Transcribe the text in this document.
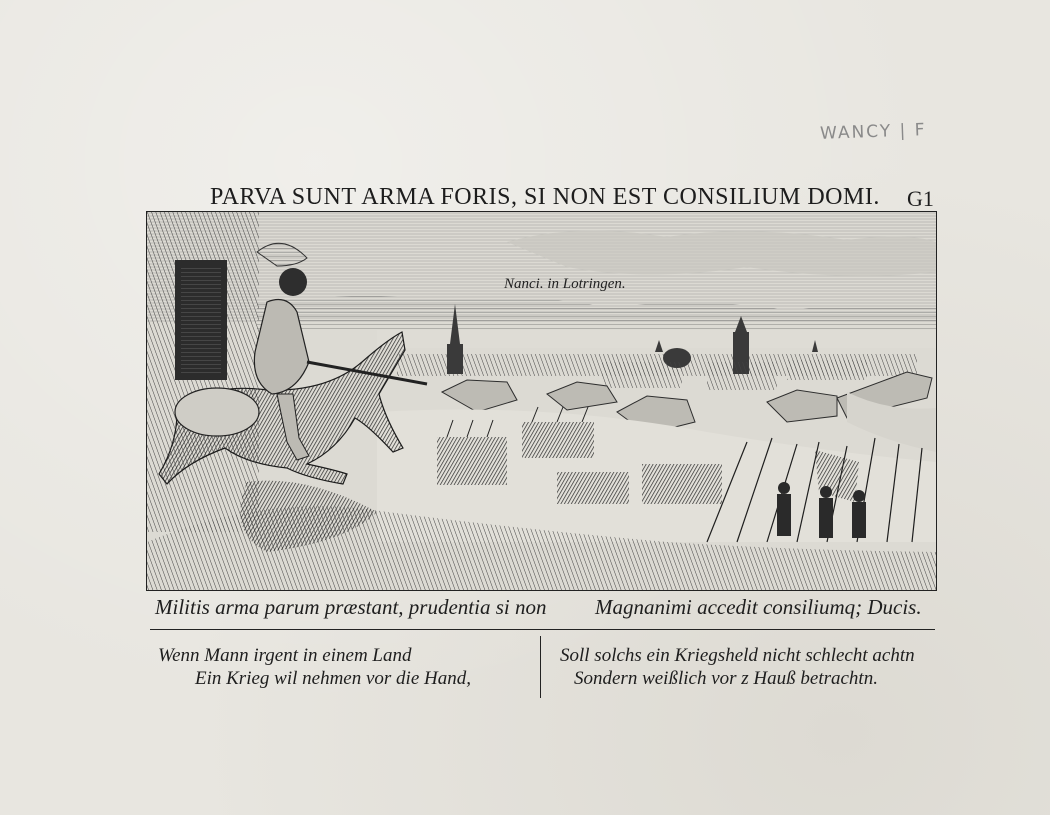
WANCY | F
PARVA SUNT ARMA FORIS, SI NON EST CONSILIUM DOMI. G1
Nanci. in Lotringen.
Militis arma parum præstant, prudentia si non Magnanimi accedit consiliumq; Ducis.
Wenn Mann irgent in einem Land
Ein Krieg wil nehmen vor die Hand,
Soll solchs ein Kriegsheld nicht schlecht achtn
Sondern weißlich vor z Hauß betrachtn.
